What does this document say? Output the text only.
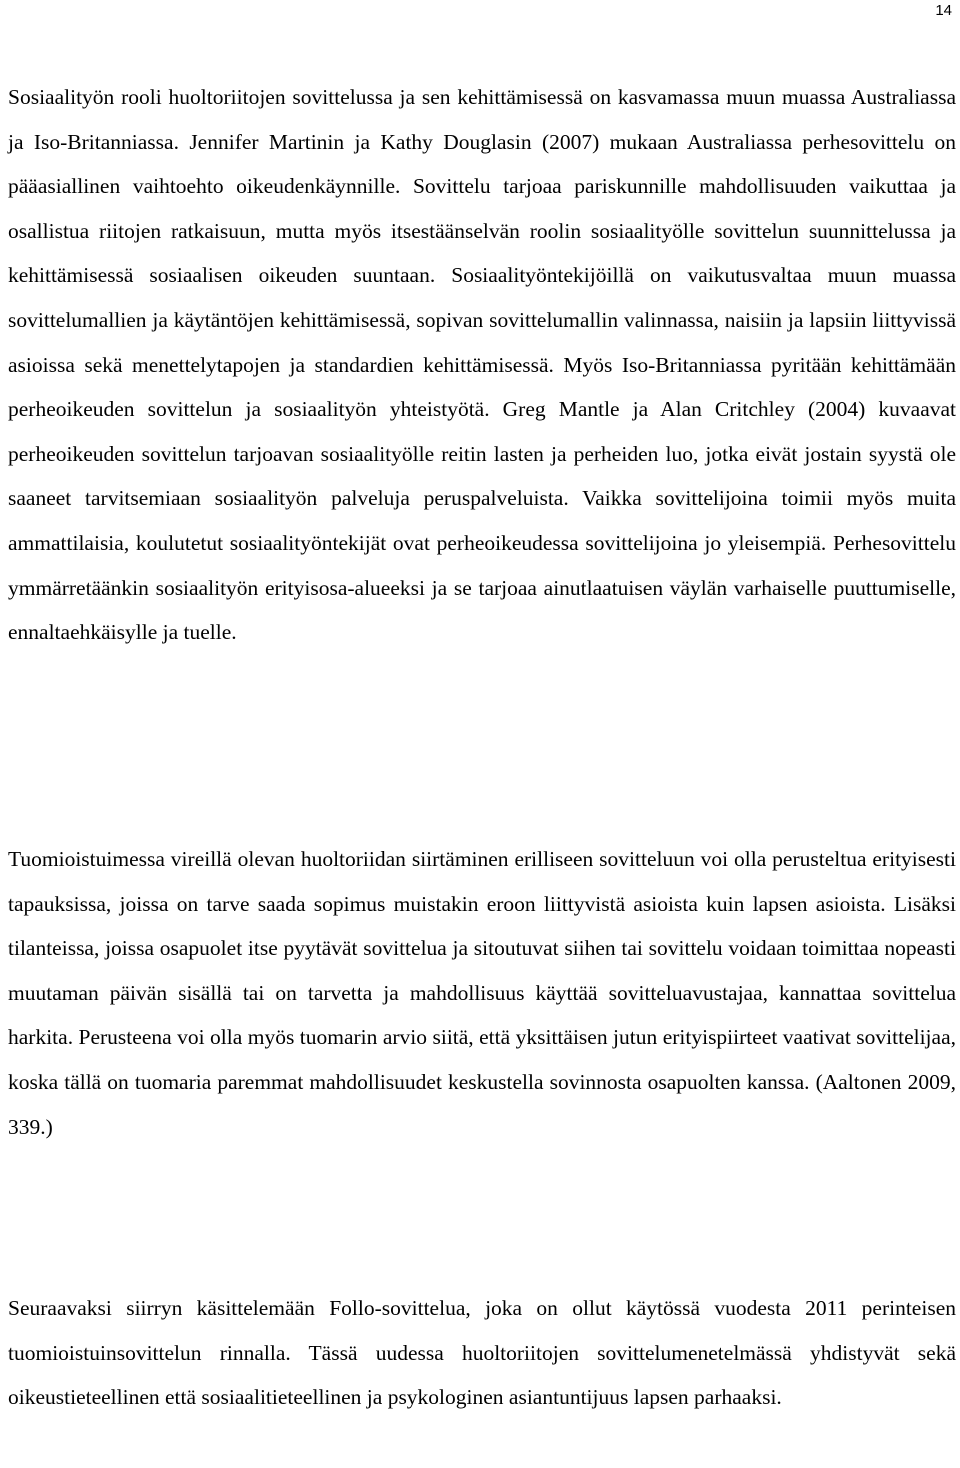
14

Sosiaalityön rooli huoltoriitojen sovittelussa ja sen kehittämisessä on kasvamassa muun muassa Australiassa ja Iso-Britanniassa. Jennifer Martinin ja Kathy Douglasin (2007) mukaan Australiassa perhesovittelu on pääasiallinen vaihtoehto oikeudenkäynnille. Sovittelu tarjoaa pariskunnille mahdollisuuden vaikuttaa ja osallistua riitojen ratkaisuun, mutta myös itsestäänselvän roolin sosiaalityölle sovittelun suunnittelussa ja kehittämisessä sosiaalisen oikeuden suuntaan. Sosiaalityöntekijöillä on vaikutusvaltaa muun muassa sovittelumallien ja käytäntöjen kehittämisessä, sopivan sovittelumallin valinnassa, naisiin ja lapsiin liittyvissä asioissa sekä menettelytapojen ja standardien kehittämisessä. Myös Iso-Britanniassa pyritään kehittämään perheoikeuden sovittelun ja sosiaalityön yhteistyötä. Greg Mantle ja Alan Critchley (2004) kuvaavat perheoikeuden sovittelun tarjoavan sosiaalityölle reitin lasten ja perheiden luo, jotka eivät jostain syystä ole saaneet tarvitsemiaan sosiaalityön palveluja peruspalveluista. Vaikka sovittelijoina toimii myös muita ammattilaisia, koulutetut sosiaalityöntekijät ovat perheoikeudessa sovittelijoina jo yleisempiä. Perhesovittelu ymmärretäänkin sosiaalityön erityisosa-alueeksi ja se tarjoaa ainutlaatuisen väylän varhaiselle puuttumiselle, ennaltaehkäisylle ja tuelle.

Tuomioistuimessa vireillä olevan huoltoriidan siirtäminen erilliseen sovitteluun voi olla perusteltua erityisesti tapauksissa, joissa on tarve saada sopimus muistakin eroon liittyvistä asioista kuin lapsen asioista. Lisäksi tilanteissa, joissa osapuolet itse pyytävät sovittelua ja sitoutuvat siihen tai sovittelu voidaan toimittaa nopeasti muutaman päivän sisällä tai on tarvetta ja mahdollisuus käyttää sovitteluavustajaa, kannattaa sovittelua harkita. Perusteena voi olla myös tuomarin arvio siitä, että yksittäisen jutun erityispiirteet vaativat sovittelijaa, koska tällä on tuomaria paremmat mahdollisuudet keskustella sovinnosta osapuolten kanssa. (Aaltonen 2009, 339.)

Seuraavaksi siirryn käsittelemään Follo-sovittelua, joka on ollut käytössä vuodesta 2011 perinteisen tuomioistuinsovittelun rinnalla. Tässä uudessa huoltoriitojen sovittelumenetelmässä yhdistyvät sekä oikeustieteellinen että sosiaalitieteellinen ja psykologinen asiantuntijuus lapsen parhaaksi.
